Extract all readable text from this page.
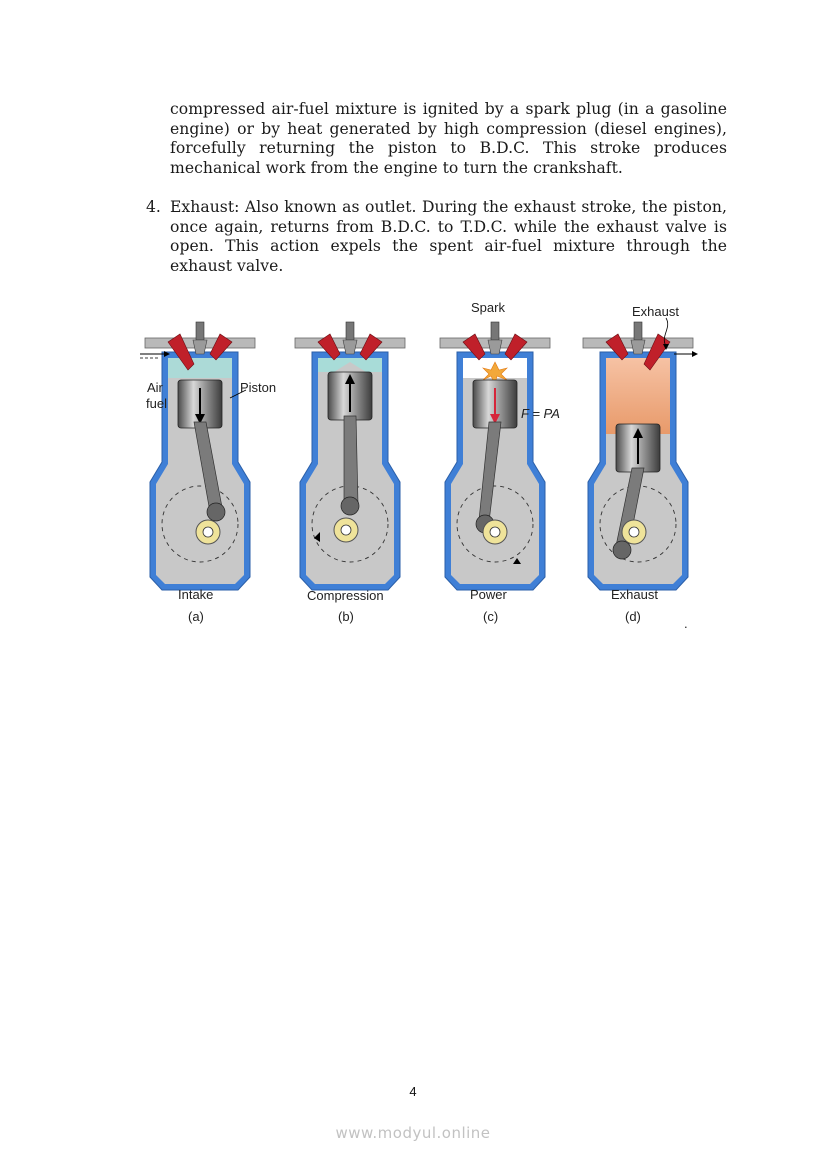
compressed air-fuel mixture is ignited by a spark plug (in a gasoline engine) or by heat generated by high compression (diesel engines), forcefully returning the piston to B.D.C. This stroke produces mechanical work from the engine to turn the crankshaft.
4. Exhaust: Also known as outlet. During the exhaust stroke, the piston, once again, returns from B.D.C. to T.D.C. while the exhaust valve is open. This action expels the spent air-fuel mixture through the exhaust valve.
Air
fuel
Piston
Spark
F = PA
Exhaust
Intake
(a)
Compression
(b)
Power
(c)
Exhaust
(d)	.
4
www.modyul.online
